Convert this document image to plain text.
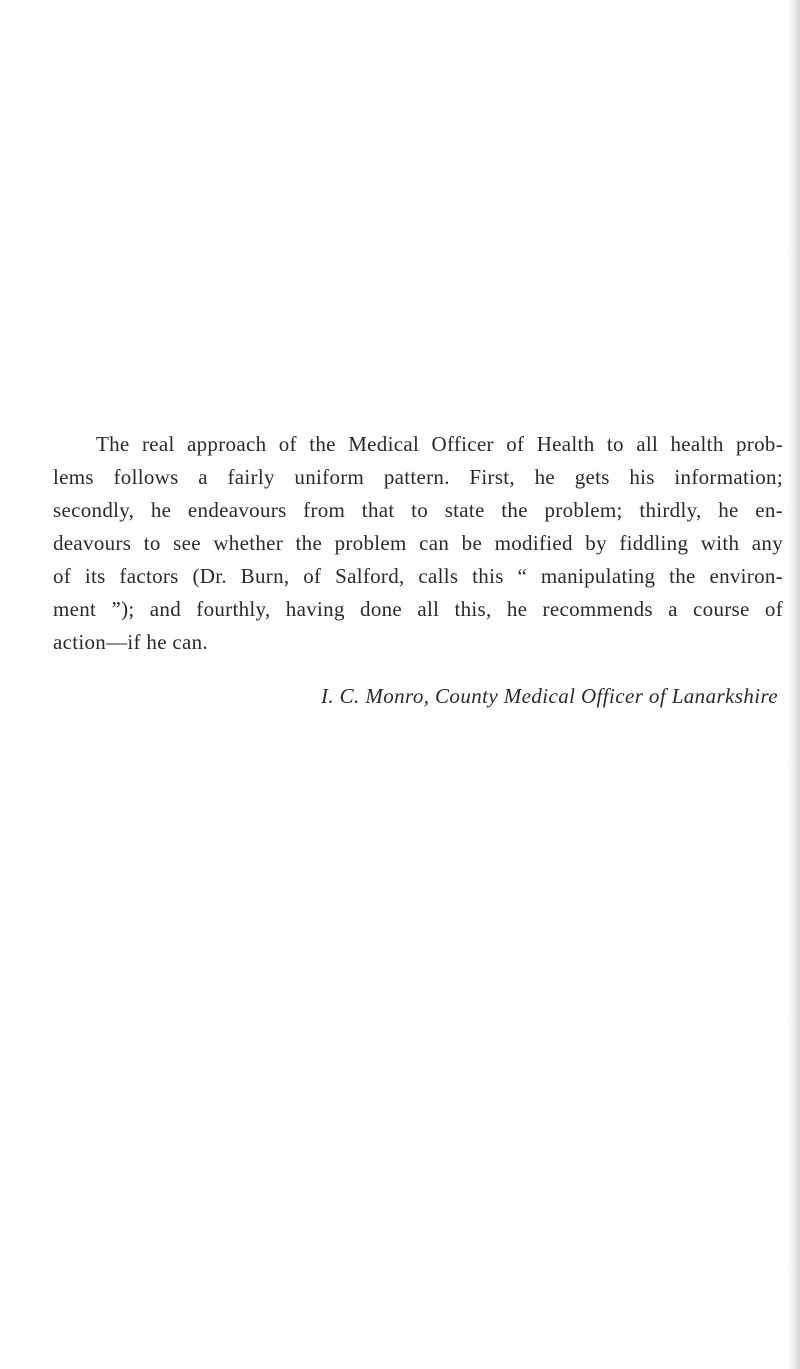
The real approach of the Medical Officer of Health to all health prob-
lems follows a fairly uniform pattern. First, he gets his information;
secondly, he endeavours from that to state the problem; thirdly, he en-
deavours to see whether the problem can be modified by fiddling with any
of its factors (Dr. Burn, of Salford, calls this “ manipulating the environ-
ment ”); and fourthly, having done all this, he recommends a course of
action—if he can.
I. C. Monro, County Medical Officer of Lanarkshire
